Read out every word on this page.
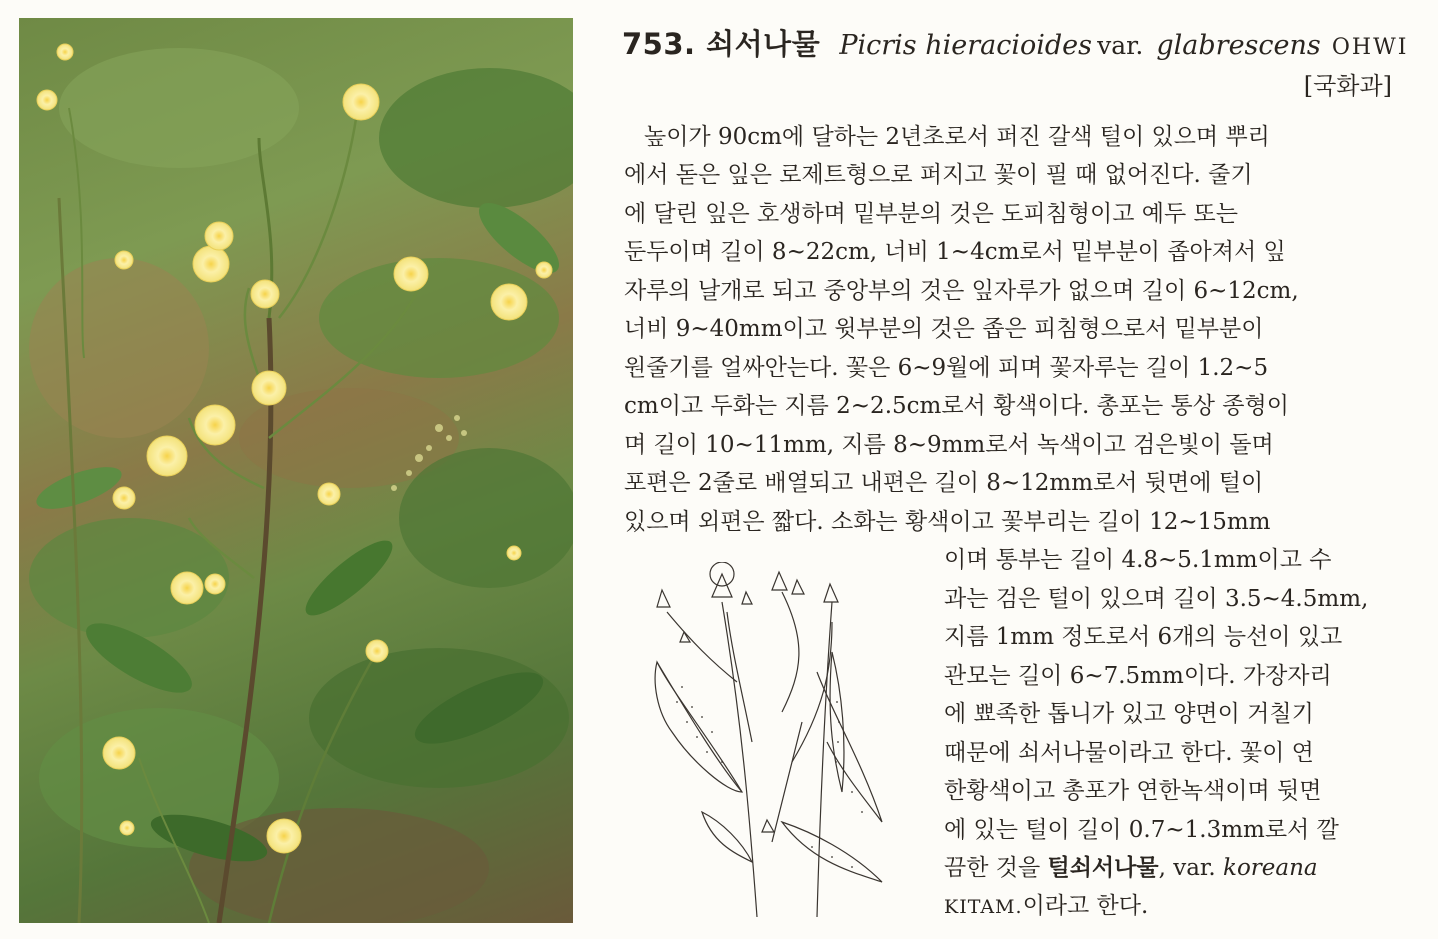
753. 쇠서나물 Picris hieracioides var. glabrescens OHWI
[국화과]
높이가 90cm에 달하는 2년초로서 퍼진 갈색 털이 있으며 뿌리
에서 돋은 잎은 로제트형으로 퍼지고 꽃이 필 때 없어진다. 줄기
에 달린 잎은 호생하며 밑부분의 것은 도피침형이고 예두 또는
둔두이며 길이 8~22cm, 너비 1~4cm로서 밑부분이 좁아져서 잎
자루의 날개로 되고 중앙부의 것은 잎자루가 없으며 길이 6~12cm,
너비 9~40mm이고 윗부분의 것은 좁은 피침형으로서 밑부분이
원줄기를 얼싸안는다. 꽃은 6~9월에 피며 꽃자루는 길이 1.2~5
cm이고 두화는 지름 2~2.5cm로서 황색이다. 총포는 통상 종형이
며 길이 10~11mm, 지름 8~9mm로서 녹색이고 검은빛이 돌며
포편은 2줄로 배열되고 내편은 길이 8~12mm로서 뒷면에 털이
있으며 외편은 짧다. 소화는 황색이고 꽃부리는 길이 12~15mm
이며 통부는 길이 4.8~5.1mm이고 수
과는 검은 털이 있으며 길이 3.5~4.5mm,
지름 1mm 정도로서 6개의 능선이 있고
관모는 길이 6~7.5mm이다. 가장자리
에 뾰족한 톱니가 있고 양면이 거칠기
때문에 쇠서나물이라고 한다. 꽃이 연
한황색이고 총포가 연한녹색이며 뒷면
에 있는 털이 길이 0.7~1.3mm로서 깔
끔한 것을 털쇠서나물, var. koreana
KITAM.이라고 한다.
